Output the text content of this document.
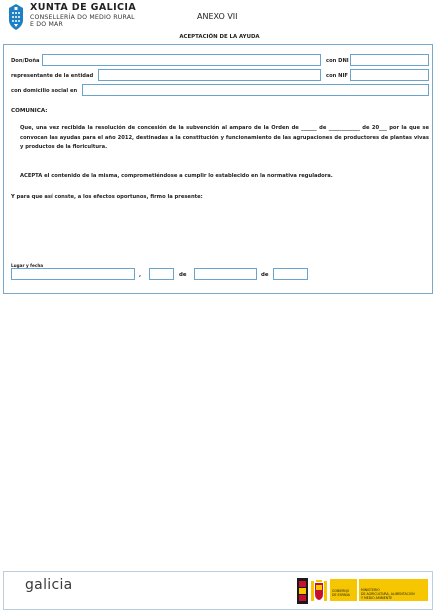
XUNTA DE GALICIA
CONSELLERÍA DO MEDIO RURAL
E DO MAR
ANEXO VII
ACEPTACIÓN DE LA AYUDA
Don/Doña	con DNI
representante de la entidad	con NIF
con domicilio social en
COMUNICA:
Que, una vez recibida la resolución de concesión de la subvención al amparo de la Orden de ______ de ____________ de 20___ por la que se convocan las ayudas para el año 2012, destinadas a la constitución y funcionamiento de las agrupaciones de productores de plantas vivas y productos de la floricultura.
ACEPTA el contenido de la misma, comprometiéndose a cumplir lo establecido en la normativa reguladora.
Y para que así conste, a los efectos oportunos, firmo la presente:
Lugar y fecha
,	de	de
galicia	GOBIERNO
DE ESPAÑA
MINISTERIO
DE AGRICULTURA, ALIMENTACIÓN
Y MEDIO AMBIENTE
